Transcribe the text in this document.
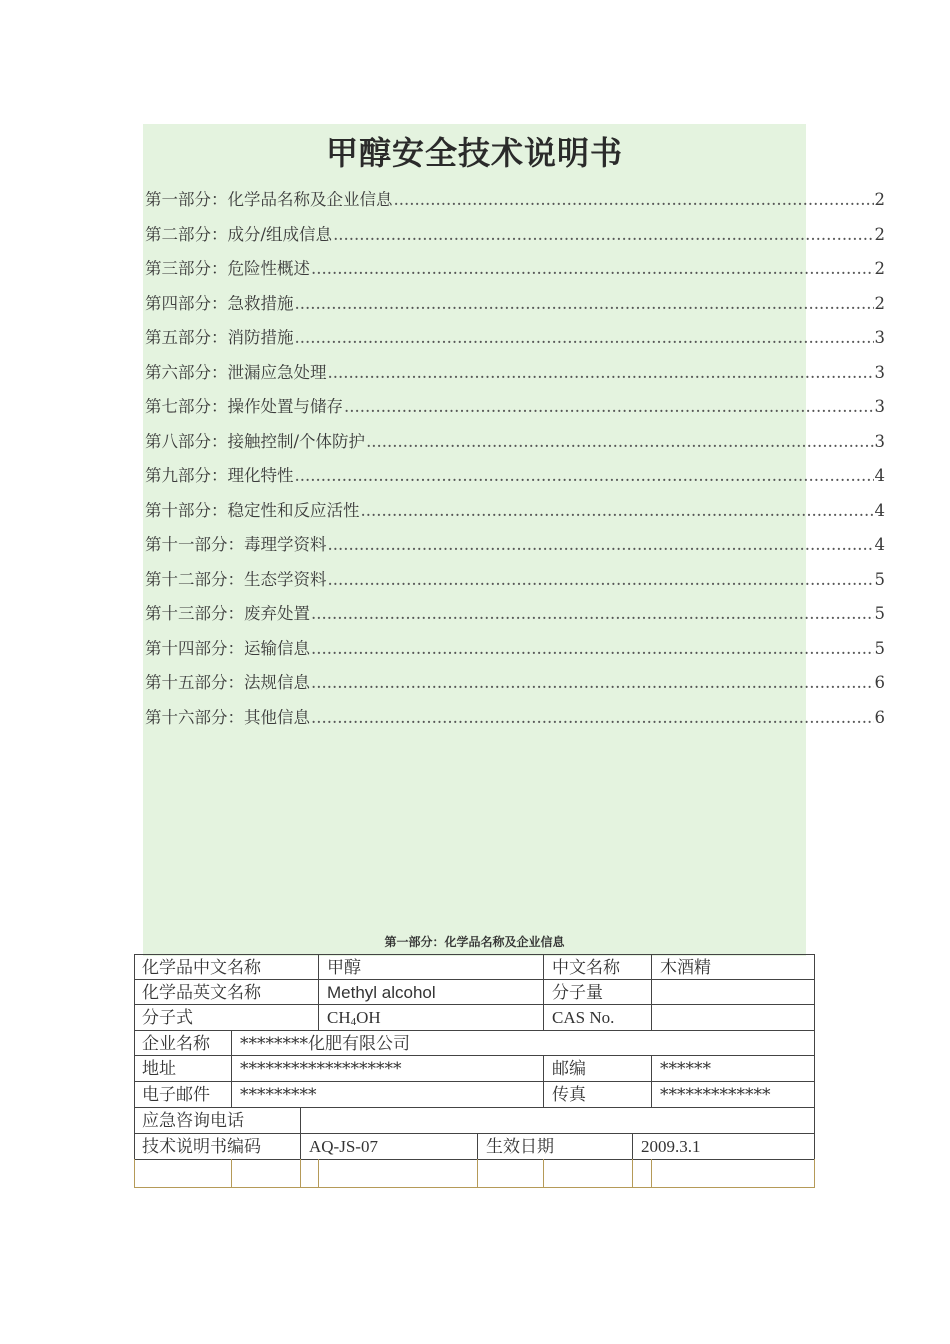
甲醇安全技术说明书
第一部分：化学品名称及企业信息 .....	2
第二部分：成分/组成信息 .....	2
第三部分：危险性概述 .....	2
第四部分：急救措施 .....	2
第五部分：消防措施 .....	3
第六部分：泄漏应急处理 .....	3
第七部分：操作处置与储存 .....	3
第八部分：接触控制/个体防护 .....	3
第九部分：理化特性 .....	4
第十部分：稳定性和反应活性 .....	4
第十一部分：毒理学资料 .....	4
第十二部分：生态学资料 .....	5
第十三部分：废弃处置 .....	5
第十四部分：运输信息 .....	5
第十五部分：法规信息 .....	6
第十六部分：其他信息 .....	6
第一部分：化学品名称及企业信息
化学品中文名称	甲醇	中文名称	木酒精
化学品英文名称	Methyl alcohol	分子量
分子式	$CH_4OH$	CAS No.
企业名称	********化肥有限公司
地址	*******************	邮编	******
电子邮件	*********	传真	*************
应急咨询电话
技术说明书编码	AQ-JS-07	生效日期	2009.3.1
